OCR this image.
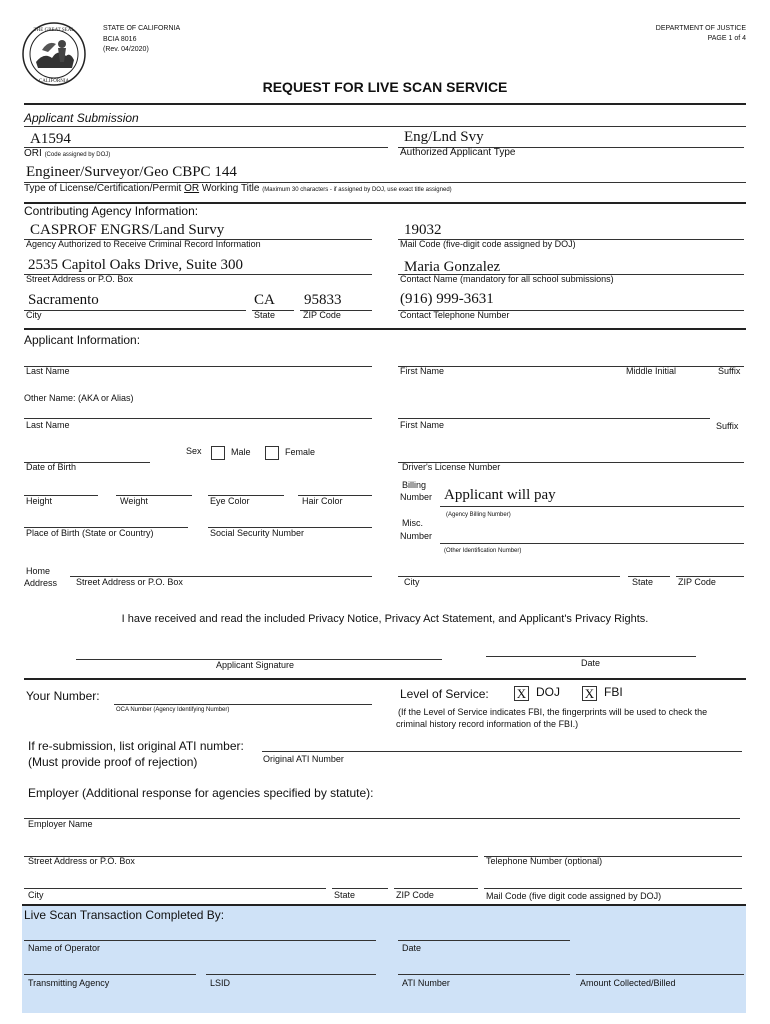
THE GREAT SEAL
CALIFORNIA
STATE OF CALIFORNIA
BCIA 8016
(Rev. 04/2020)
DEPARTMENT OF JUSTICE
PAGE 1 of 4
REQUEST FOR LIVE SCAN SERVICE
Applicant Submission
A1594	Eng/Lnd Svy
ORI (Code assigned by DOJ)	Authorized Applicant Type
Engineer/Surveyor/Geo CBPC 144
Type of License/Certification/Permit OR Working Title (Maximum 30 characters - if assigned by DOJ, use exact title assigned)
Contributing Agency Information:
CASPROF ENGRS/Land Survy	19032
Agency Authorized to Receive Criminal Record Information	Mail Code (five-digit code assigned by DOJ)
2535 Capitol Oaks Drive, Suite 300	Maria Gonzalez
Street Address or P.O. Box	Contact Name (mandatory for all school submissions)
Sacramento	CA 95833	(916) 999-3631
City	State	ZIP Code	Contact Telephone Number
Applicant Information:
Last Name	First Name	Middle Initial	Suffix
Other Name: (AKA or Alias)
Last Name	First Name	Suffix
Sex	Male	Female
Date of Birth	Driver's License Number
Height	Weight	Eye Color	Hair Color
Billing
Number Applicant will pay
(Agency Billing Number)
Place of Birth (State or Country)	Social Security Number
Misc.
Number
(Other Identification Number)
Home
Address Street Address or P.O. Box	City	State	ZIP Code
I have received and read the included Privacy Notice, Privacy Act Statement, and Applicant's Privacy Rights.
Applicant Signature	Date
Your Number:
OCA Number (Agency Identifying Number)
Level of Service: X DOJ X FBI
(If the Level of Service indicates FBI, the fingerprints will be used to check the
criminal history record information of the FBI.)
If re-submission, list original ATI number:
(Must provide proof of rejection)	Original ATI Number
Employer (Additional response for agencies specified by statute):
Employer Name
Street Address or P.O. Box	Telephone Number (optional)
City	State	ZIP Code	Mail Code (five digit code assigned by DOJ)
Live Scan Transaction Completed By:
Name of Operator	Date
Transmitting Agency	LSID	ATI Number	Amount Collected/Billed
